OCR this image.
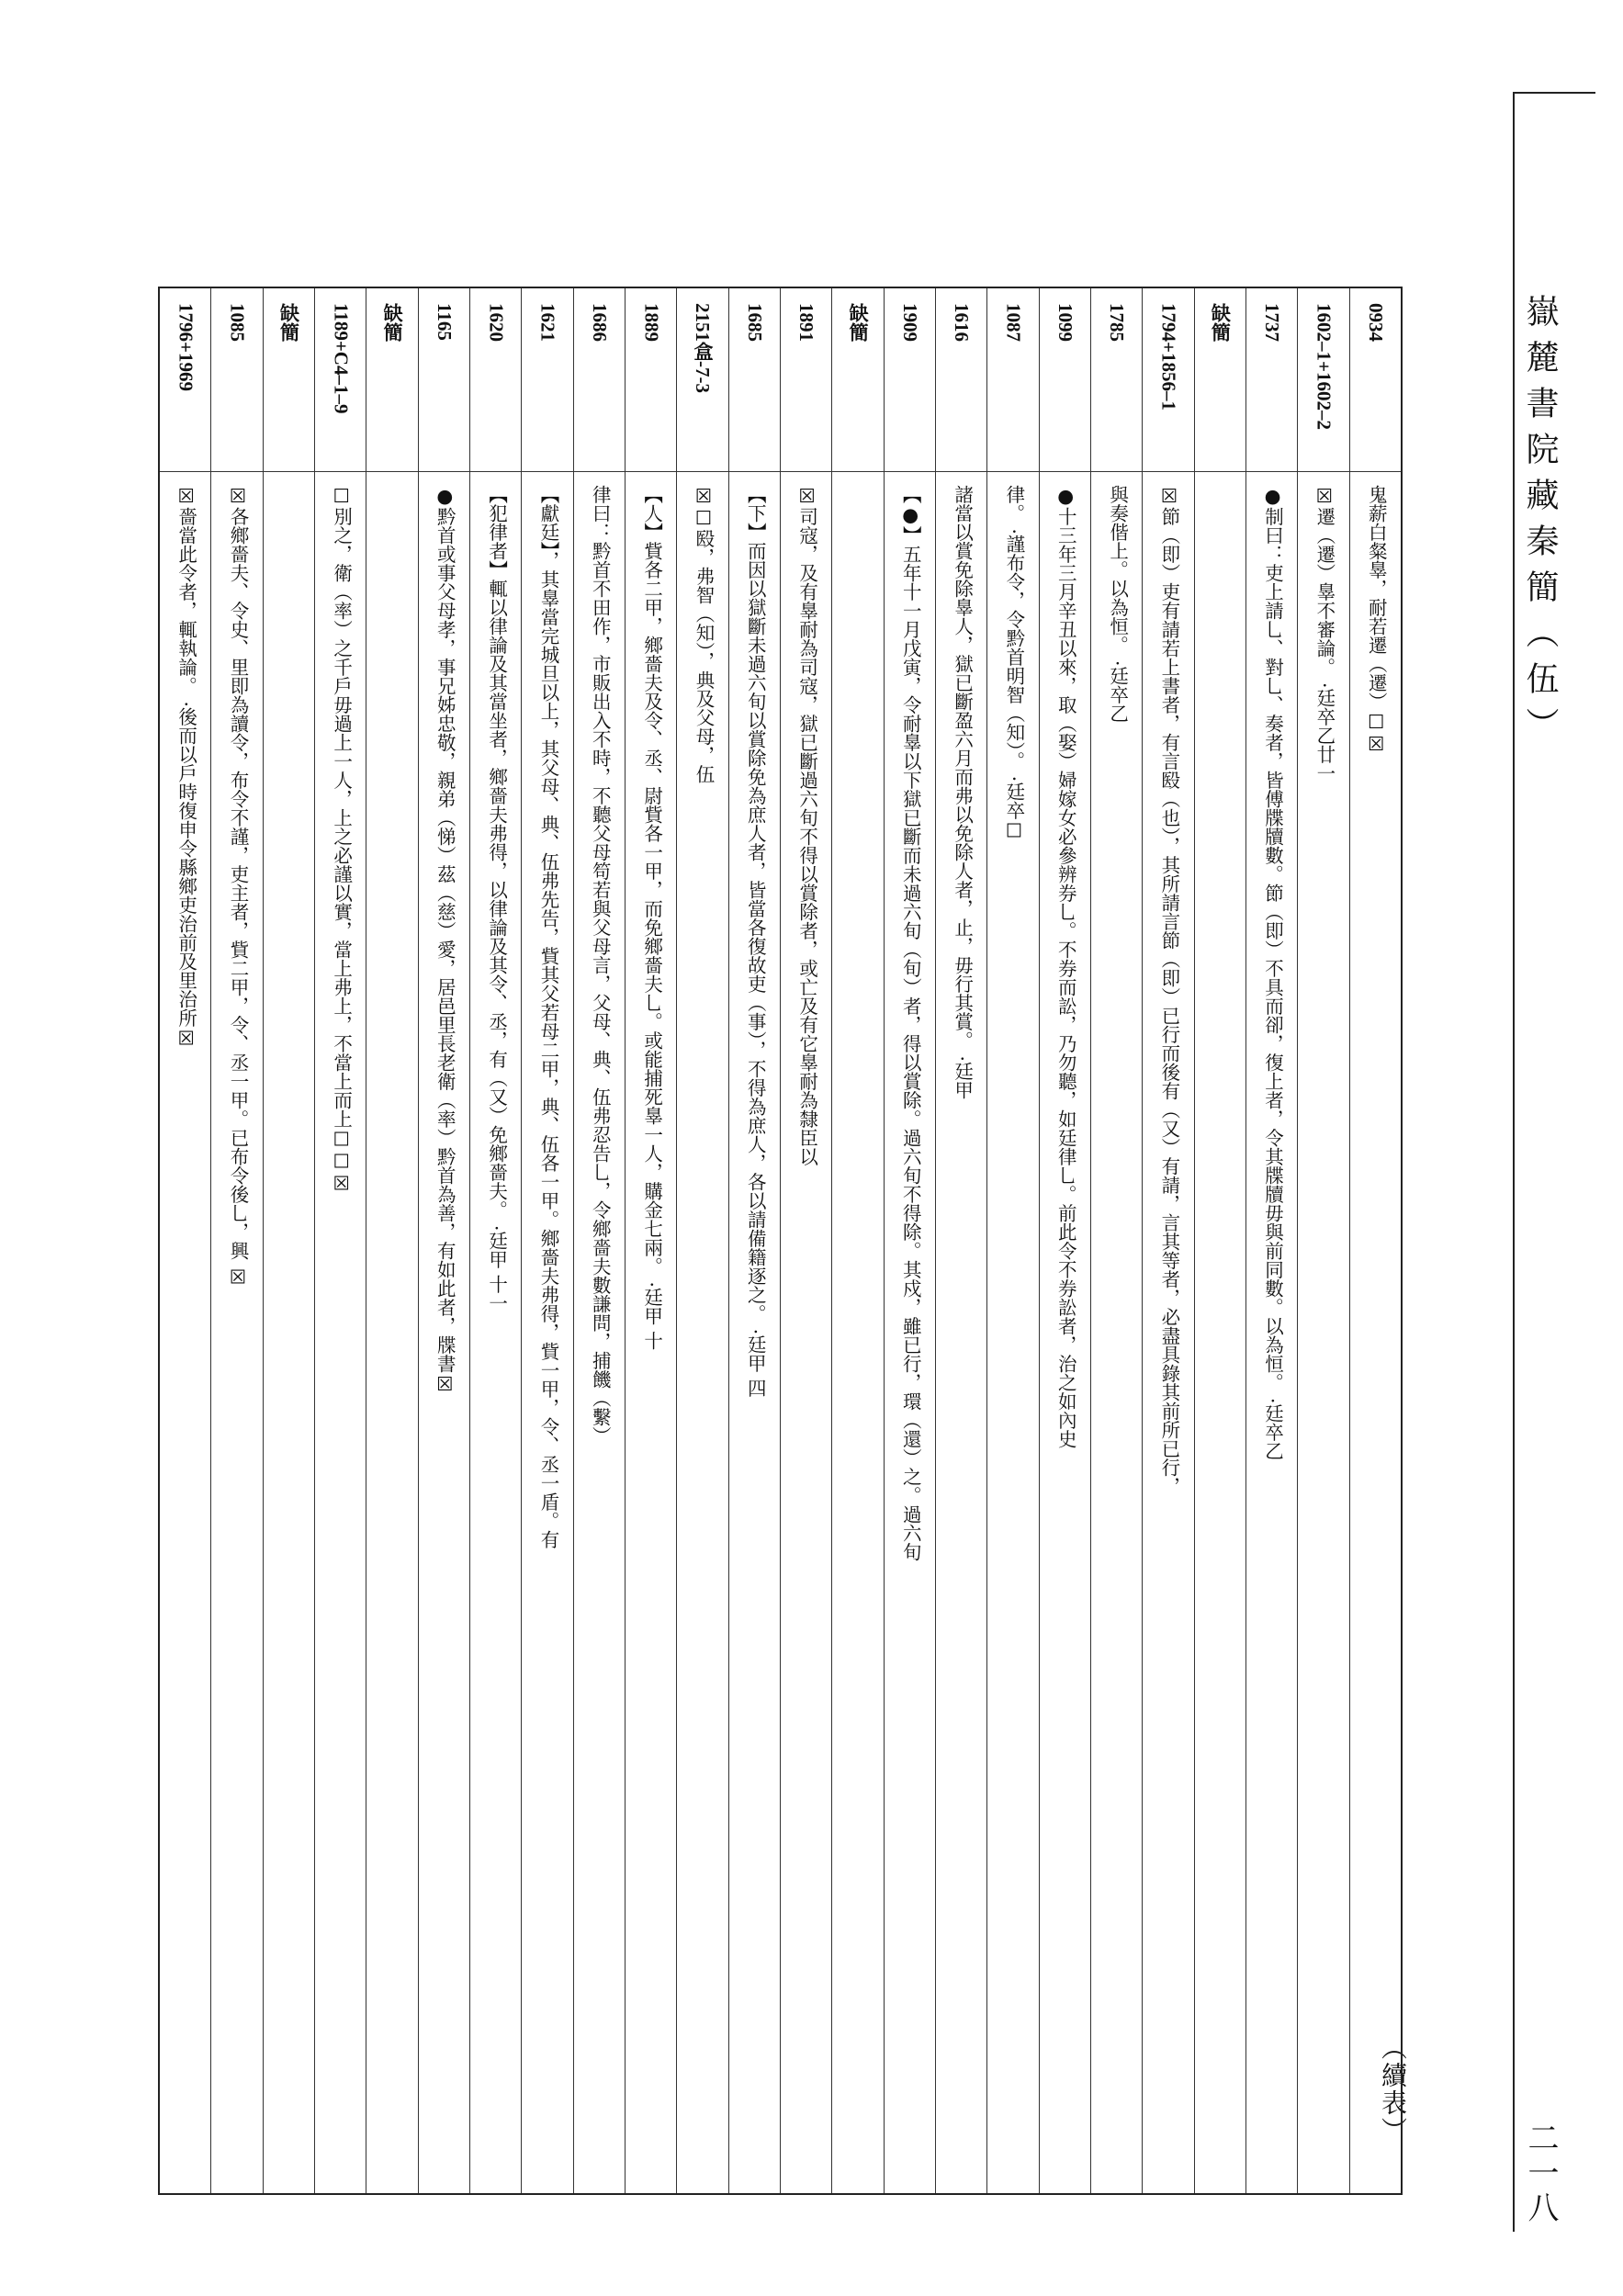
嶽麓書院藏秦簡（伍）
二一八
（續表）
0934
鬼薪白粲辠，耐若遷（遷）☐☒
1602–1+1602–2
☒遷（遷）辠不審論。 ·廷卒乙廿一
1737
●制曰：吏上請乚、對乚、奏者，皆傅牒牘數。節（即）不具而卻，復上者，令其牒牘毋與前同數。以為恒。 ·廷卒乙
缺簡
1794+1856–1
☒節（即）吏有請若上書者，有言殹（也），其所請言節（即）已行而後有（又）有請，言其等者，必盡具錄其前所已行，
1785
與奏偕上。以為恒。 ·廷卒乙
1099
●十三年三月辛丑以來，取（娶）婦嫁女必參辨券乚。不券而訟，乃勿聽，如廷律乚。前此令不券訟者，治之如內史
1087
律。 ·謹布令，令黔首明智（知）。 ·廷卒☐
1616
諸當以賞免除辠人，獄已斷盈六月而弗以免除人者，止，毋行其賞。 ·廷甲
1909
【●】五年十一月戊寅，令耐辠以下獄已斷而未過六旬（旬）者，得以賞除。過六旬不得除。其戍，雖已行，環（還）之。過六旬
缺簡
1891
☒司寇，及有辠耐為司寇，獄已斷過六旬不得以賞除者，或亡及有它辠耐為隸臣以
1685
【下】而因以獄斷未過六旬以賞除免為庶人者，皆當各復故吏（事），不得為庶人，各以請備籍逐之。 ·廷甲 四
2151盒-7-3
☒☐殹，弗智（知），典及父母，伍
1889
【人】貲各二甲，鄉嗇夫及令、丞、尉貲各一甲，而免鄉嗇夫乚。或能捕死辠一人，購金七兩。 ·廷甲 十
1686
律曰：黔首不田作，市販出入不時，不聽父母笱若與父母言，父母、典、伍弗忍告乚，令鄉嗇夫數謙問，捕饑（繫）
1621
【獻廷】，其辠當完城旦以上，其父母、典、伍弗先告，貲其父若母二甲，典、伍各一甲。鄉嗇夫弗得，貲一甲，令、丞一盾。有
1620
【犯律者】輒以律論及其當坐者，鄉嗇夫弗得，以律論及其令、丞，有（又）免鄉嗇夫。 ·廷甲 十一
1165
●黔首或事父母孝，事兄姊忠敬，親弟（悌）茲（慈）愛，居邑里長老衛（率）黔首為善，有如此者，牒書☒
缺簡
1189+C4–1–9
☐別之，衛（率）之千戶毋過上一人，上之必謹以實，當上弗上，不當上而上☐☐☒
缺簡
1085
☒各鄉嗇夫、令史、里即為讀令，布令不謹，吏主者，貲二甲，令、丞一甲。已布令後乚，興 ☒
1796+1969
☒嗇當此令者，輒執論。 ·後而以戶時復申令縣鄉吏治前及里治所☒
